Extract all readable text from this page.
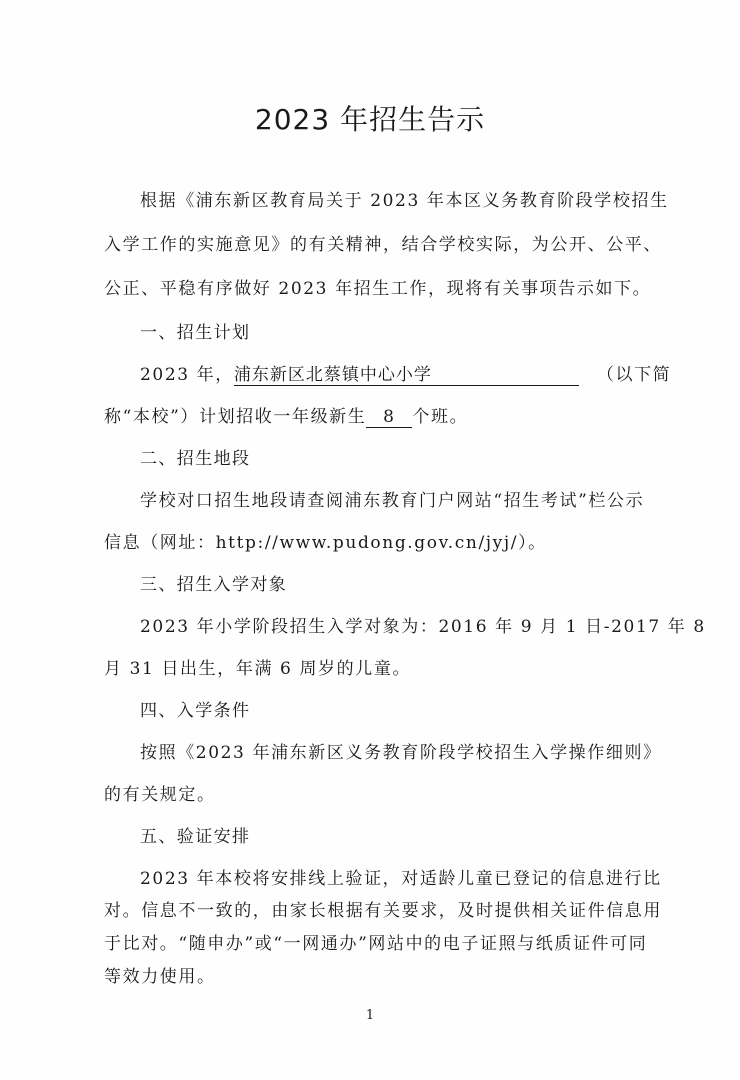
2023 年招生告示
根据《浦东新区教育局关于 2023 年本区义务教育阶段学校招生
入学工作的实施意见》的有关精神，结合学校实际，为公开、公平、
公正、平稳有序做好 2023 年招生工作，现将有关事项告示如下。
一、招生计划
2023 年，浦东新区北蔡镇中心小学	（以下简
称“本校”）计划招收一年级新生 8 个班。
二、招生地段
学校对口招生地段请查阅浦东教育门户网站“招生考试”栏公示
信息（网址：http://www.pudong.gov.cn/jyj/）。
三、招生入学对象
2023 年小学阶段招生入学对象为：2016 年 9 月 1 日-2017 年 8
月 31 日出生，年满 6 周岁的儿童。
四、入学条件
按照《2023 年浦东新区义务教育阶段学校招生入学操作细则》
的有关规定。
五、验证安排
2023 年本校将安排线上验证，对适龄儿童已登记的信息进行比
对。信息不一致的，由家长根据有关要求，及时提供相关证件信息用
于比对。“随申办”或“一网通办”网站中的电子证照与纸质证件可同
1
等效力使用。
